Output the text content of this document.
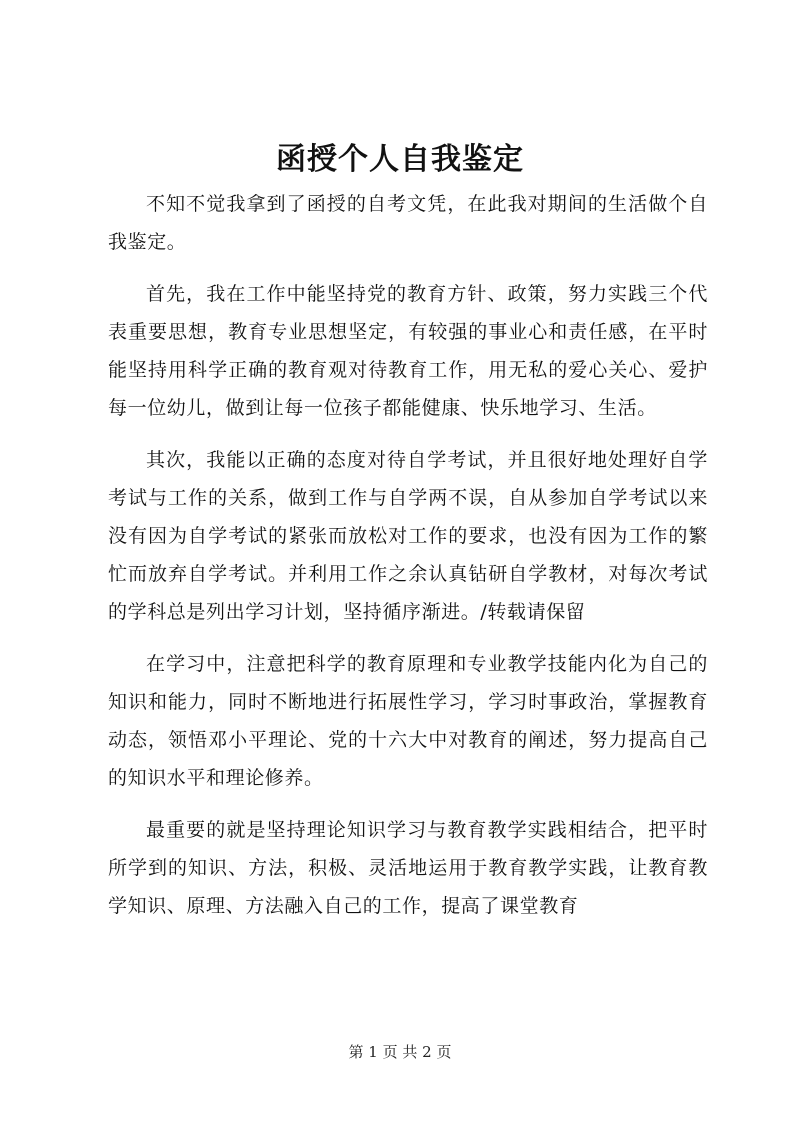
函授个人自我鉴定

不知不觉我拿到了函授的自考文凭，在此我对期间的生活做个自我鉴定。

首先，我在工作中能坚持党的教育方针、政策，努力实践三个代表重要思想，教育专业思想坚定，有较强的事业心和责任感，在平时能坚持用科学正确的教育观对待教育工作，用无私的爱心关心、爱护每一位幼儿，做到让每一位孩子都能健康、快乐地学习、生活。

其次，我能以正确的态度对待自学考试，并且很好地处理好自学考试与工作的关系，做到工作与自学两不误，自从参加自学考试以来没有因为自学考试的紧张而放松对工作的要求，也没有因为工作的繁忙而放弃自学考试。并利用工作之余认真钻研自学教材，对每次考试的学科总是列出学习计划，坚持循序渐进。/转载请保留

在学习中，注意把科学的教育原理和专业教学技能内化为自己的知识和能力，同时不断地进行拓展性学习，学习时事政治，掌握教育动态，领悟邓小平理论、党的十六大中对教育的阐述，努力提高自己的知识水平和理论修养。

最重要的就是坚持理论知识学习与教育教学实践相结合，把平时所学到的知识、方法，积极、灵活地运用于教育教学实践，让教育教学知识、原理、方法融入自己的工作，提高了课堂教育

第 1 页 共 2 页
